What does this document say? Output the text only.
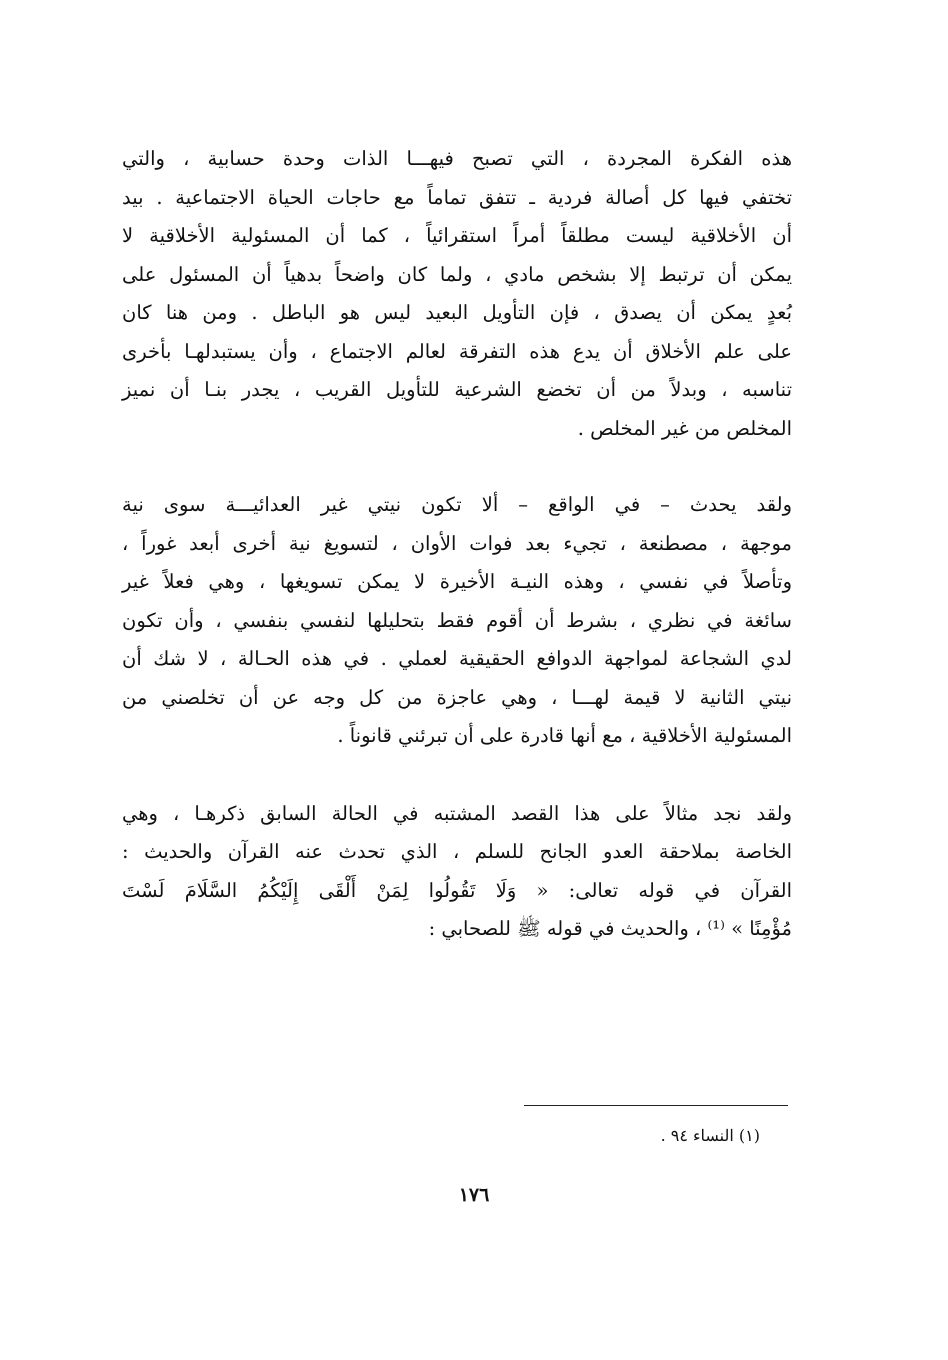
هذه الفكرة المجردة ، التي تصبح فيهـــا الذات وحدة حسابية ، والتي
تختفي فيها كل أصالة فردية ـ تتفق تماماً مع حاجات الحياة الاجتماعية . بيد
أن الأخلاقية ليست مطلقاً أمراً استقرائياً ، كما أن المسئولية الأخلاقية لا
يمكن أن ترتبط إلا بشخص مادي ، ولما كان واضحاً بدهياً أن المسئول على
بُعدٍ يمكن أن يصدق ، فإن التأويل البعيد ليس هو الباطل . ومن هنا كان
على علم الأخلاق أن يدع هذه التفرقة لعالم الاجتماع ، وأن يستبدلهـا بأخرى
تناسبه ، وبدلاً من أن تخضع الشرعية للتأويل القريب ، يجدر بنـا أن نميز
المخلص من غير المخلص .

ولقد يحدث – في الواقع – ألا تكون نيتي غير العدائيـــة سوى نية
موجهة ، مصطنعة ، تجيء بعد فوات الأوان ، لتسويغ نية أخرى أبعد غوراً ،
وتأصلاً في نفسي ، وهذه النيـة الأخيرة لا يمكن تسويغها ، وهي فعلاً غير
سائغة في نظري ، بشرط أن أقوم فقط بتحليلها لنفسي بنفسي ، وأن تكون
لدي الشجاعة لمواجهة الدوافع الحقيقية لعملي . في هذه الحـالة ، لا شك أن
نيتي الثانية لا قيمة لهـــا ، وهي عاجزة من كل وجه عن أن تخلصني من
المسئولية الأخلاقية ، مع أنها قادرة على أن تبرئني قانوناً .

ولقد نجد مثالاً على هذا القصد المشتبه في الحالة السابق ذكرهـا ، وهي
الخاصة بملاحقة العدو الجانح للسلم ، الذي تحدث عنه القرآن والحديث :
القرآن في قوله تعالى: « وَلَا تَقُولُوا لِمَنْ أَلْقَى إِلَيْكُمُ السَّلَامَ لَسْتَ
مُؤْمِنًا » ⁽¹⁾ ، والحديث في قوله ﷺ للصحابي :

(١) النساء ٩٤ .
١٧٦
